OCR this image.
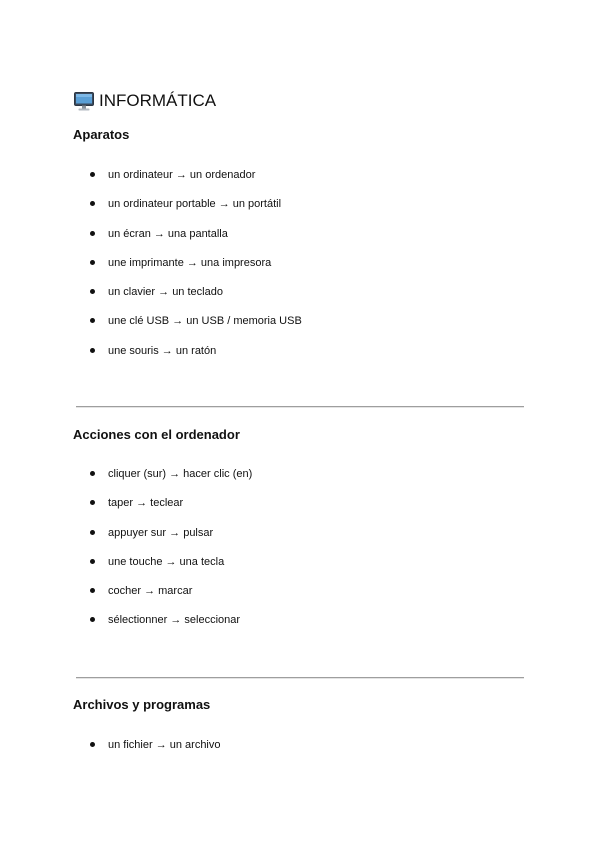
INFORMÁTICA
Aparatos
un ordinateur → un ordenador
un ordinateur portable → un portátil
un écran → una pantalla
une imprimante → una impresora
un clavier → un teclado
une clé USB → un USB / memoria USB
une souris → un ratón
Acciones con el ordenador
cliquer (sur) → hacer clic (en)
taper → teclear
appuyer sur → pulsar
une touche → una tecla
cocher → marcar
sélectionner → seleccionar
Archivos y programas
un fichier → un archivo
